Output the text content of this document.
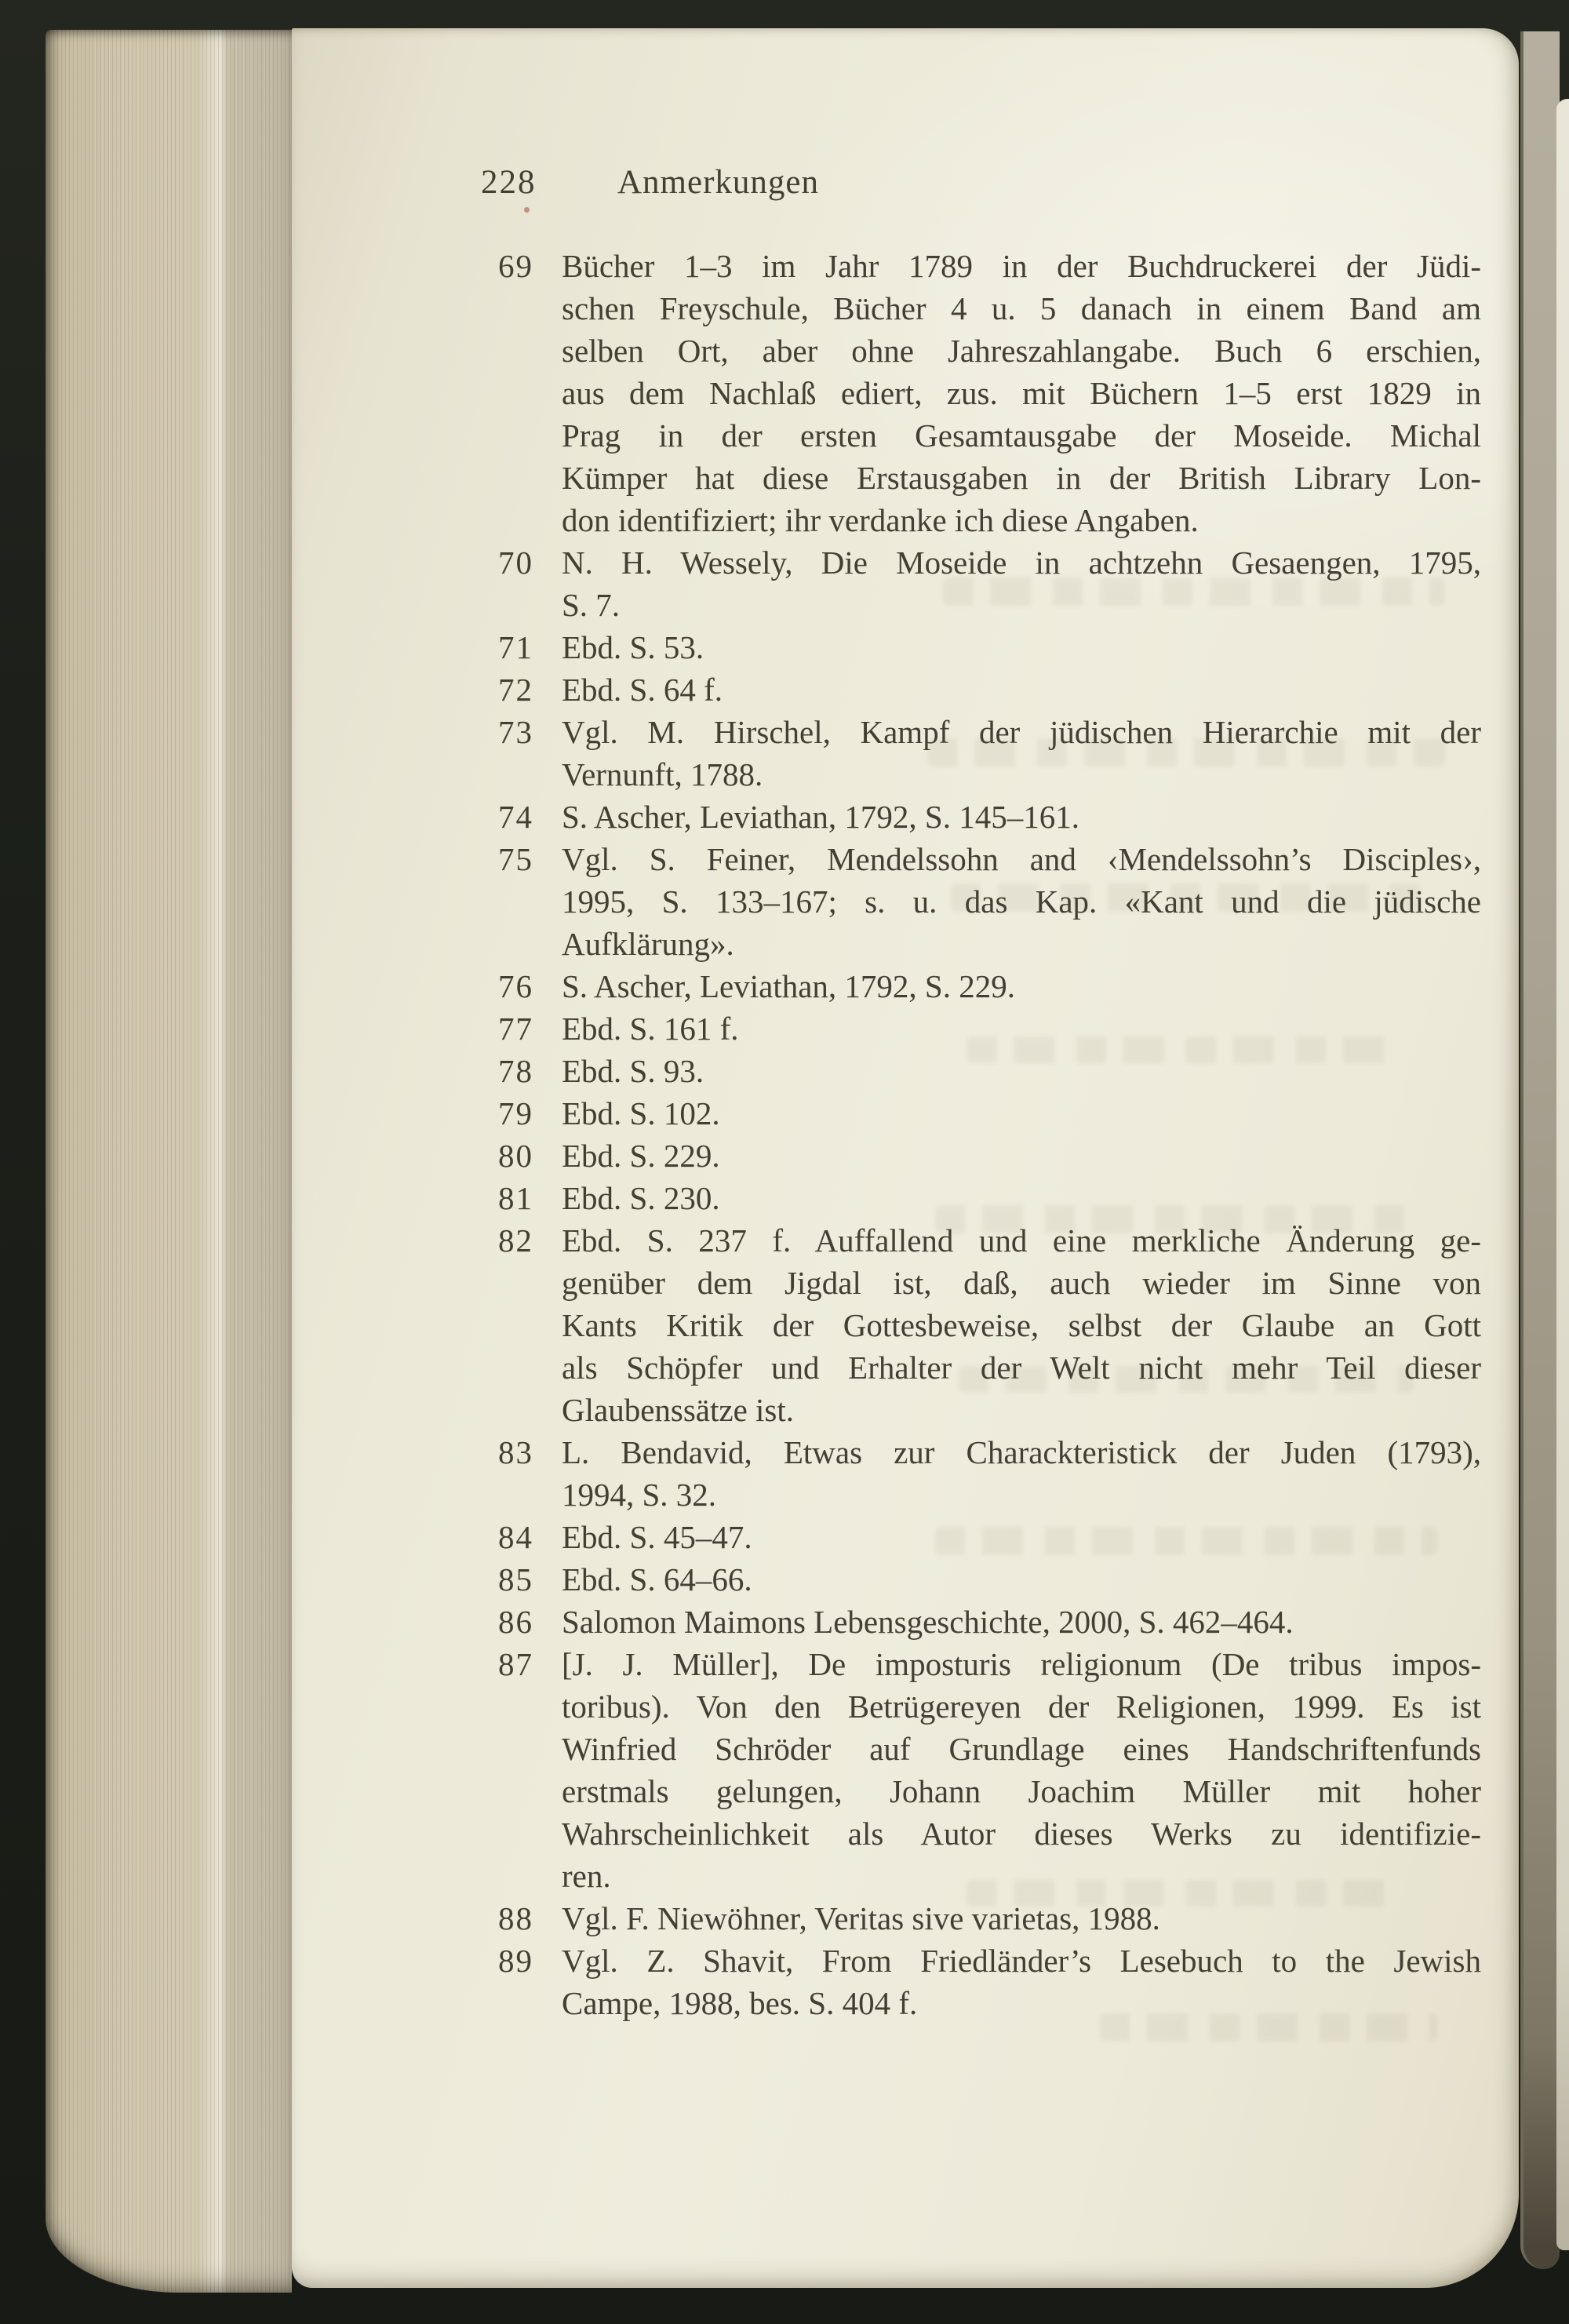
228 Anmerkungen
69 Bücher 1–3 im Jahr 1789 in der Buchdruckerei der Jüdi-
schen Freyschule, Bücher 4 u. 5 danach in einem Band am
selben Ort, aber ohne Jahreszahlangabe. Buch 6 erschien,
aus dem Nachlaß ediert, zus. mit Büchern 1–5 erst 1829 in
Prag in der ersten Gesamtausgabe der Moseide. Michal
Kümper hat diese Erstausgaben in der British Library Lon-
don identifiziert; ihr verdanke ich diese Angaben.
70 N. H. Wessely, Die Moseide in achtzehn Gesaengen, 1795,
S. 7.
71 Ebd. S. 53.
72 Ebd. S. 64 f.
73 Vgl. M. Hirschel, Kampf der jüdischen Hierarchie mit der
Vernunft, 1788.
74 S. Ascher, Leviathan, 1792, S. 145–161.
75 Vgl. S. Feiner, Mendelssohn and ‹Mendelssohn’s Disciples›,
1995, S. 133–167; s. u. das Kap. «Kant und die jüdische
Aufklärung».
76 S. Ascher, Leviathan, 1792, S. 229.
77 Ebd. S. 161 f.
78 Ebd. S. 93.
79 Ebd. S. 102.
80 Ebd. S. 229.
81 Ebd. S. 230.
82 Ebd. S. 237 f. Auffallend und eine merkliche Änderung ge-
genüber dem Jigdal ist, daß, auch wieder im Sinne von
Kants Kritik der Gottesbeweise, selbst der Glaube an Gott
als Schöpfer und Erhalter der Welt nicht mehr Teil dieser
Glaubenssätze ist.
83 L. Bendavid, Etwas zur Charackteristick der Juden (1793),
1994, S. 32.
84 Ebd. S. 45–47.
85 Ebd. S. 64–66.
86 Salomon Maimons Lebensgeschichte, 2000, S. 462–464.
87 [J. J. Müller], De imposturis religionum (De tribus impos-
toribus). Von den Betrügereyen der Religionen, 1999. Es ist
Winfried Schröder auf Grundlage eines Handschriftenfunds
erstmals gelungen, Johann Joachim Müller mit hoher
Wahrscheinlichkeit als Autor dieses Werks zu identifizie-
ren.
88 Vgl. F. Niewöhner, Veritas sive varietas, 1988.
89 Vgl. Z. Shavit, From Friedländer’s Lesebuch to the Jewish
Campe, 1988, bes. S. 404 f.
